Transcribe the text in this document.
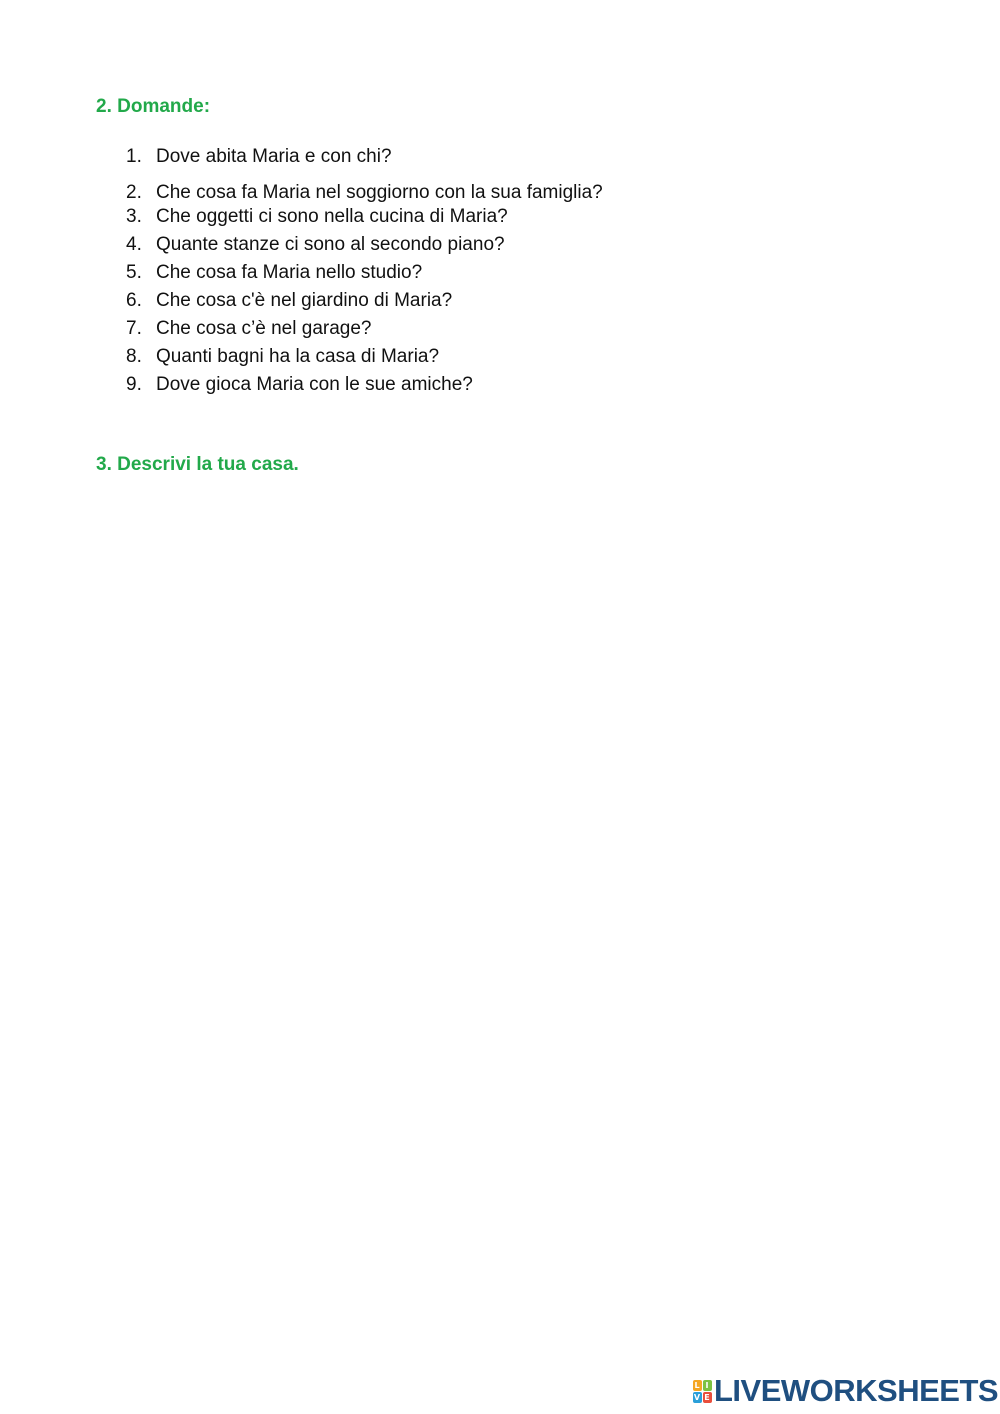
2. Domande:
1. Dove abita Maria e con chi?
2. Che cosa fa Maria nel soggiorno con la sua famiglia?
3. Che oggetti ci sono nella cucina di Maria?
4. Quante stanze ci sono al secondo piano?
5. Che cosa fa Maria nello studio?
6. Che cosa c'è nel giardino di Maria?
7. Che cosa c’è nel garage?
8. Quanti bagni ha la casa di Maria?
9. Dove gioca Maria con le sue amiche?
3. Descrivi la tua casa.
L I
V E LIVEWORKSHEETS
